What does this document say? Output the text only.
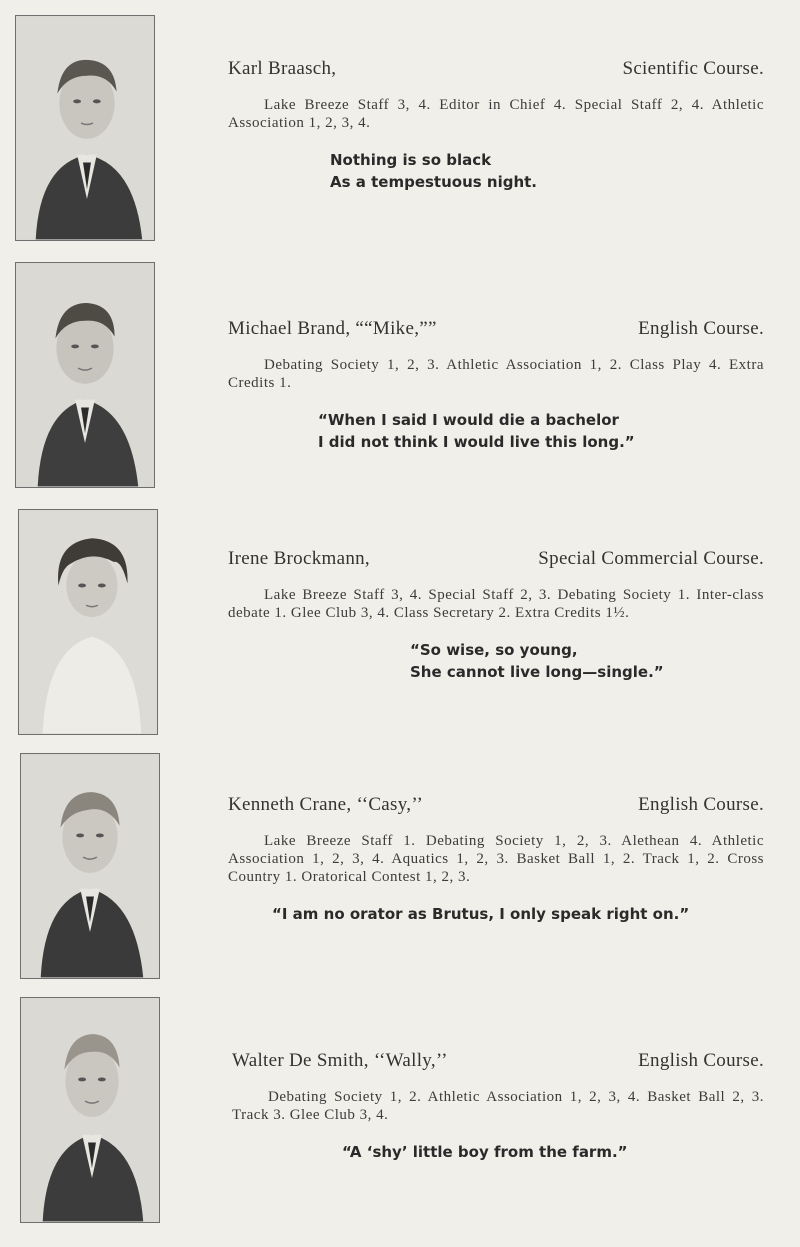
Karl Braasch,	Scientific Course.
Lake Breeze Staff 3, 4. Editor in Chief 4. Special Staff 2, 4. Athletic Association 1, 2, 3, 4.
Nothing is so black
As a tempestuous night.
Michael Brand, ““Mike,””	English Course.
Debating Society 1, 2, 3. Athletic Association 1, 2. Class Play 4. Extra Credits 1.
“When I said I would die a bachelor
I did not think I would live this long.”
Irene Brockmann,	Special Commercial Course.
Lake Breeze Staff 3, 4. Special Staff 2, 3. Debating Society 1. Inter-class debate 1. Glee Club 3, 4. Class Secretary 2. Extra Credits 1½.
“So wise, so young,
She cannot live long—single.”
Kenneth Crane, ‘‘Casy,’’	English Course.
Lake Breeze Staff 1. Debating Society 1, 2, 3. Alethean 4. Athletic Association 1, 2, 3, 4. Aquatics 1, 2, 3. Basket Ball 1, 2. Track 1, 2. Cross Country 1. Oratorical Contest 1, 2, 3.
“I am no orator as Brutus, I only speak right on.”
Walter De Smith, ‘‘Wally,’’	English Course.
Debating Society 1, 2. Athletic Association 1, 2, 3, 4. Basket Ball 2, 3. Track 3. Glee Club 3, 4.
“A ‘shy’ little boy from the farm.”
